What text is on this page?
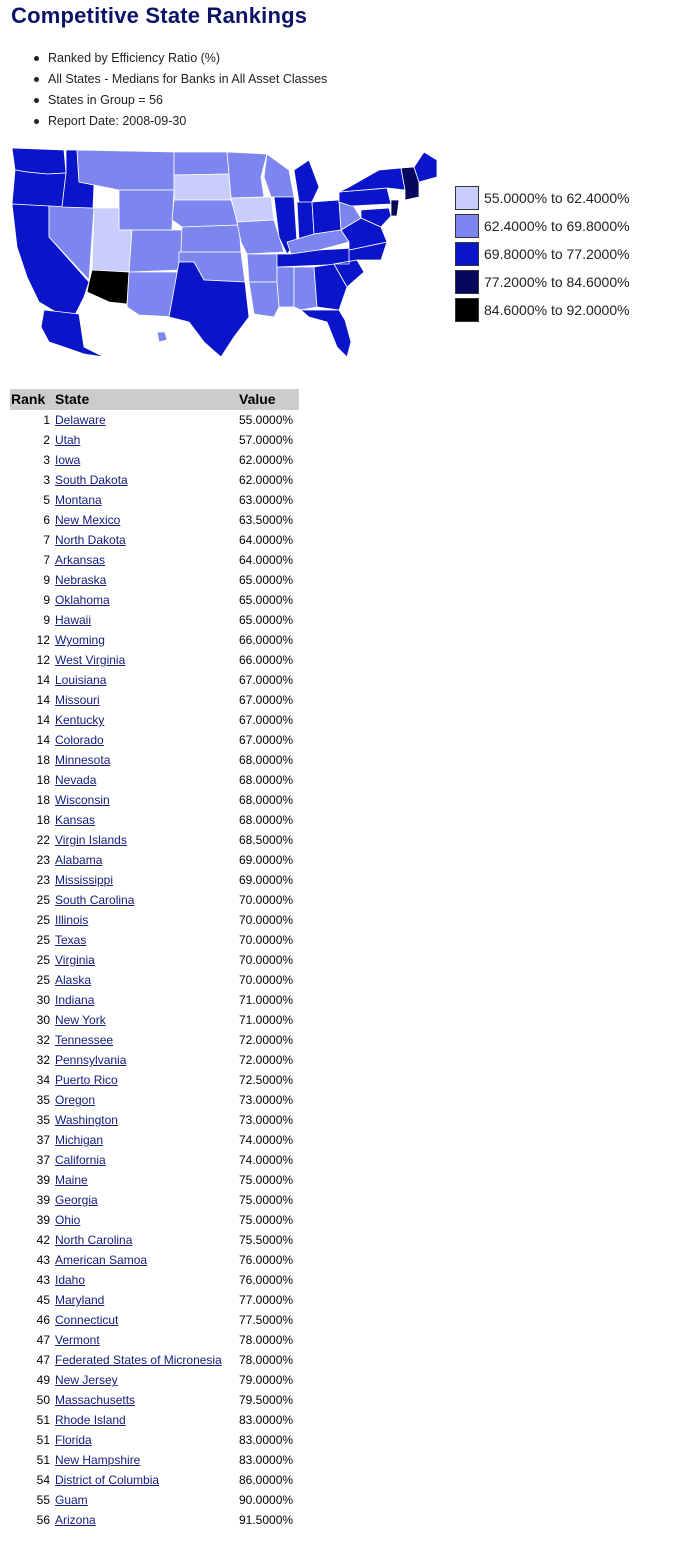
Competitive State Rankings
Ranked by Efficiency Ratio (%)
All States - Medians for Banks in All Asset Classes
States in Group = 56
Report Date: 2008-09-30
55.0000% to 62.4000%
62.4000% to 69.8000%
69.8000% to 77.2000%
77.2000% to 84.6000%
84.6000% to 92.0000%
Rank State	Value
1 Delaware	55.0000%
2 Utah	57.0000%
3 Iowa	62.0000%
3 South Dakota	62.0000%
5 Montana	63.0000%
6 New Mexico	63.5000%
7 North Dakota	64.0000%
7 Arkansas	64.0000%
9 Nebraska	65.0000%
9 Oklahoma	65.0000%
9 Hawaii	65.0000%
12 Wyoming	66.0000%
12 West Virginia	66.0000%
14 Louisiana	67.0000%
14 Missouri	67.0000%
14 Kentucky	67.0000%
14 Colorado	67.0000%
18 Minnesota	68.0000%
18 Nevada	68.0000%
18 Wisconsin	68.0000%
18 Kansas	68.0000%
22 Virgin Islands	68.5000%
23 Alabama	69.0000%
23 Mississippi	69.0000%
25 South Carolina	70.0000%
25 Illinois	70.0000%
25 Texas	70.0000%
25 Virginia	70.0000%
25 Alaska	70.0000%
30 Indiana	71.0000%
30 New York	71.0000%
32 Tennessee	72.0000%
32 Pennsylvania	72.0000%
34 Puerto Rico	72.5000%
35 Oregon	73.0000%
35 Washington	73.0000%
37 Michigan	74.0000%
37 California	74.0000%
39 Maine	75.0000%
39 Georgia	75.0000%
39 Ohio	75.0000%
42 North Carolina	75.5000%
43 American Samoa	76.0000%
43 Idaho	76.0000%
45 Maryland	77.0000%
46 Connecticut	77.5000%
47 Vermont	78.0000%
47 Federated States of Micronesia 78.0000%
49 New Jersey	79.0000%
50 Massachusetts	79.5000%
51 Rhode Island	83.0000%
51 Florida	83.0000%
51 New Hampshire	83.0000%
54 District of Columbia	86.0000%
55 Guam	90.0000%
56 Arizona	91.5000%
